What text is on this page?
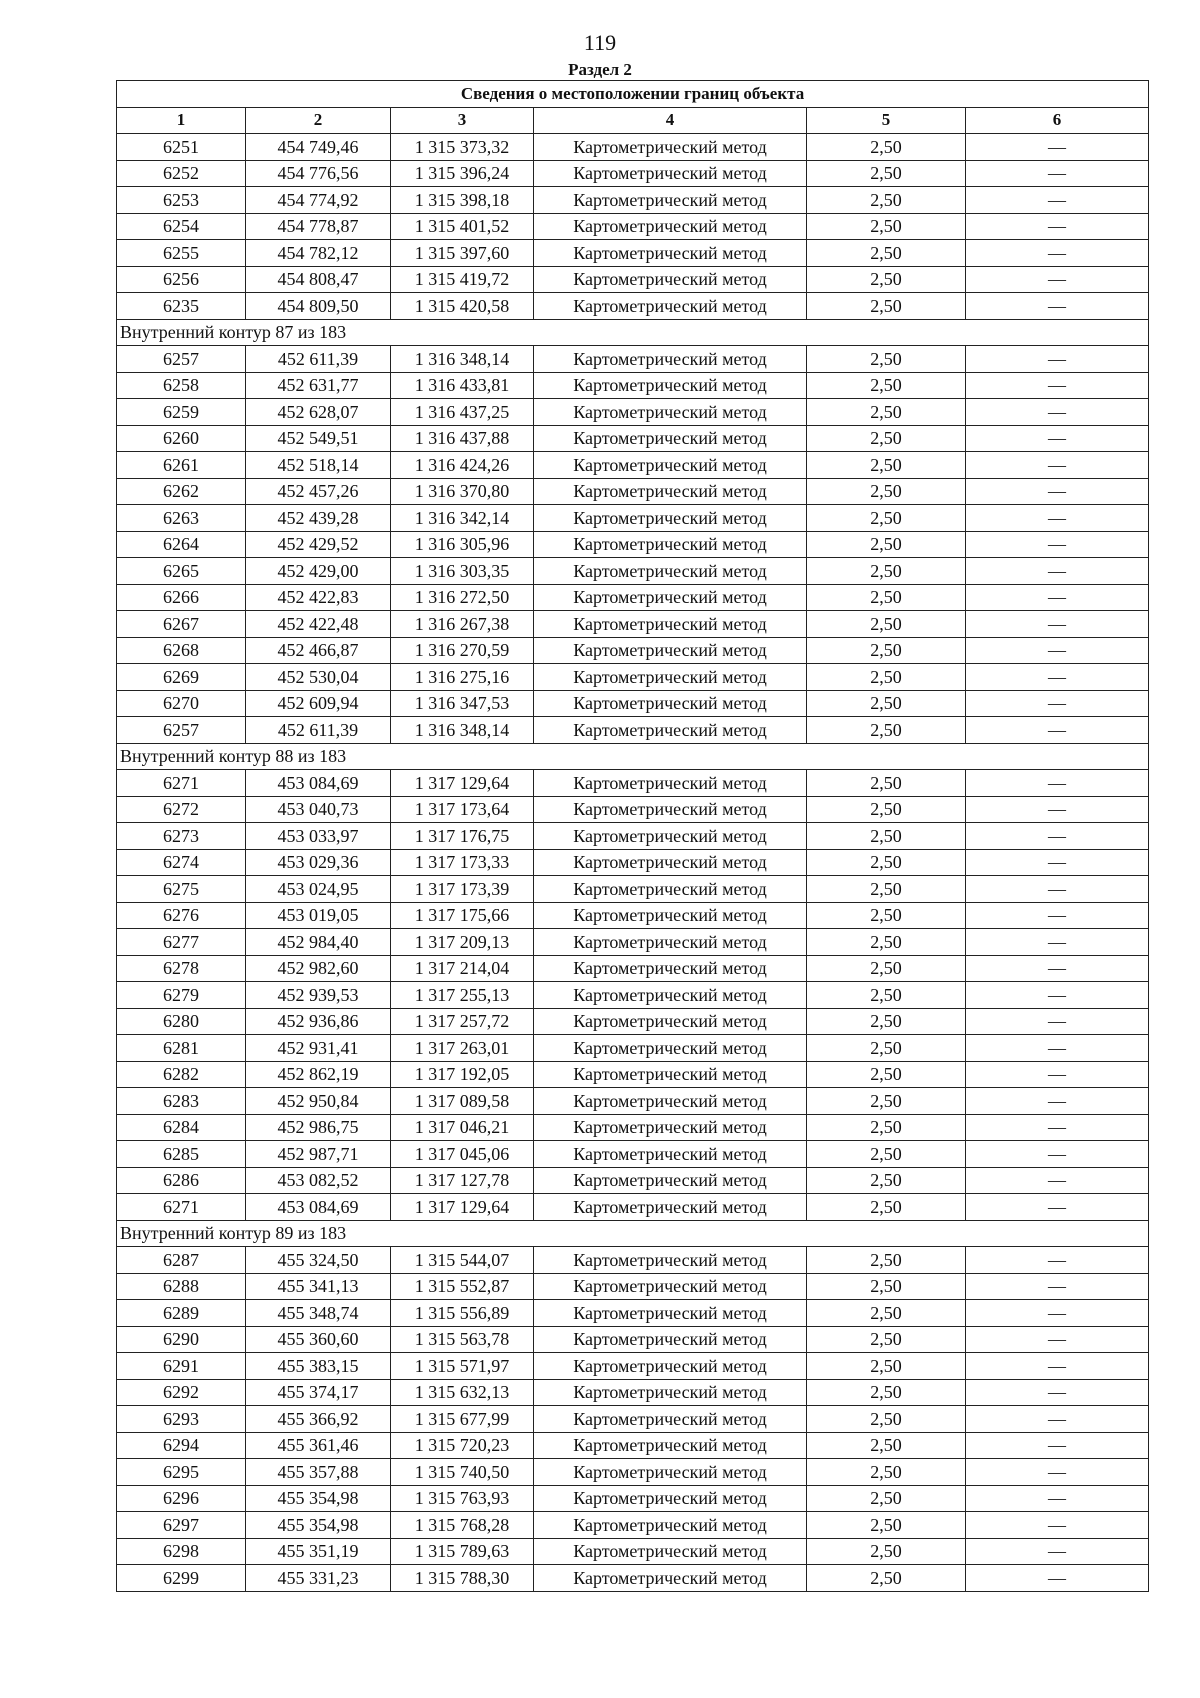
119
Раздел 2
Сведения о местоположении границ объекта					
1	2	3	4	5	6
6251	454 749,46	1 315 373,32	Картометрический метод	2,50	—
6252	454 776,56	1 315 396,24	Картометрический метод	2,50	—
6253	454 774,92	1 315 398,18	Картометрический метод	2,50	—
6254	454 778,87	1 315 401,52	Картометрический метод	2,50	—
6255	454 782,12	1 315 397,60	Картометрический метод	2,50	—
6256	454 808,47	1 315 419,72	Картометрический метод	2,50	—
6235	454 809,50	1 315 420,58	Картометрический метод	2,50	—
Внутренний контур 87 из 183					
6257	452 611,39	1 316 348,14	Картометрический метод	2,50	—
6258	452 631,77	1 316 433,81	Картометрический метод	2,50	—
6259	452 628,07	1 316 437,25	Картометрический метод	2,50	—
6260	452 549,51	1 316 437,88	Картометрический метод	2,50	—
6261	452 518,14	1 316 424,26	Картометрический метод	2,50	—
6262	452 457,26	1 316 370,80	Картометрический метод	2,50	—
6263	452 439,28	1 316 342,14	Картометрический метод	2,50	—
6264	452 429,52	1 316 305,96	Картометрический метод	2,50	—
6265	452 429,00	1 316 303,35	Картометрический метод	2,50	—
6266	452 422,83	1 316 272,50	Картометрический метод	2,50	—
6267	452 422,48	1 316 267,38	Картометрический метод	2,50	—
6268	452 466,87	1 316 270,59	Картометрический метод	2,50	—
6269	452 530,04	1 316 275,16	Картометрический метод	2,50	—
6270	452 609,94	1 316 347,53	Картометрический метод	2,50	—
6257	452 611,39	1 316 348,14	Картометрический метод	2,50	—
Внутренний контур 88 из 183					
6271	453 084,69	1 317 129,64	Картометрический метод	2,50	—
6272	453 040,73	1 317 173,64	Картометрический метод	2,50	—
6273	453 033,97	1 317 176,75	Картометрический метод	2,50	—
6274	453 029,36	1 317 173,33	Картометрический метод	2,50	—
6275	453 024,95	1 317 173,39	Картометрический метод	2,50	—
6276	453 019,05	1 317 175,66	Картометрический метод	2,50	—
6277	452 984,40	1 317 209,13	Картометрический метод	2,50	—
6278	452 982,60	1 317 214,04	Картометрический метод	2,50	—
6279	452 939,53	1 317 255,13	Картометрический метод	2,50	—
6280	452 936,86	1 317 257,72	Картометрический метод	2,50	—
6281	452 931,41	1 317 263,01	Картометрический метод	2,50	—
6282	452 862,19	1 317 192,05	Картометрический метод	2,50	—
6283	452 950,84	1 317 089,58	Картометрический метод	2,50	—
6284	452 986,75	1 317 046,21	Картометрический метод	2,50	—
6285	452 987,71	1 317 045,06	Картометрический метод	2,50	—
6286	453 082,52	1 317 127,78	Картометрический метод	2,50	—
6271	453 084,69	1 317 129,64	Картометрический метод	2,50	—
Внутренний контур 89 из 183					
6287	455 324,50	1 315 544,07	Картометрический метод	2,50	—
6288	455 341,13	1 315 552,87	Картометрический метод	2,50	—
6289	455 348,74	1 315 556,89	Картометрический метод	2,50	—
6290	455 360,60	1 315 563,78	Картометрический метод	2,50	—
6291	455 383,15	1 315 571,97	Картометрический метод	2,50	—
6292	455 374,17	1 315 632,13	Картометрический метод	2,50	—
6293	455 366,92	1 315 677,99	Картометрический метод	2,50	—
6294	455 361,46	1 315 720,23	Картометрический метод	2,50	—
6295	455 357,88	1 315 740,50	Картометрический метод	2,50	—
6296	455 354,98	1 315 763,93	Картометрический метод	2,50	—
6297	455 354,98	1 315 768,28	Картометрический метод	2,50	—
6298	455 351,19	1 315 789,63	Картометрический метод	2,50	—
6299	455 331,23	1 315 788,30	Картометрический метод	2,50	—
